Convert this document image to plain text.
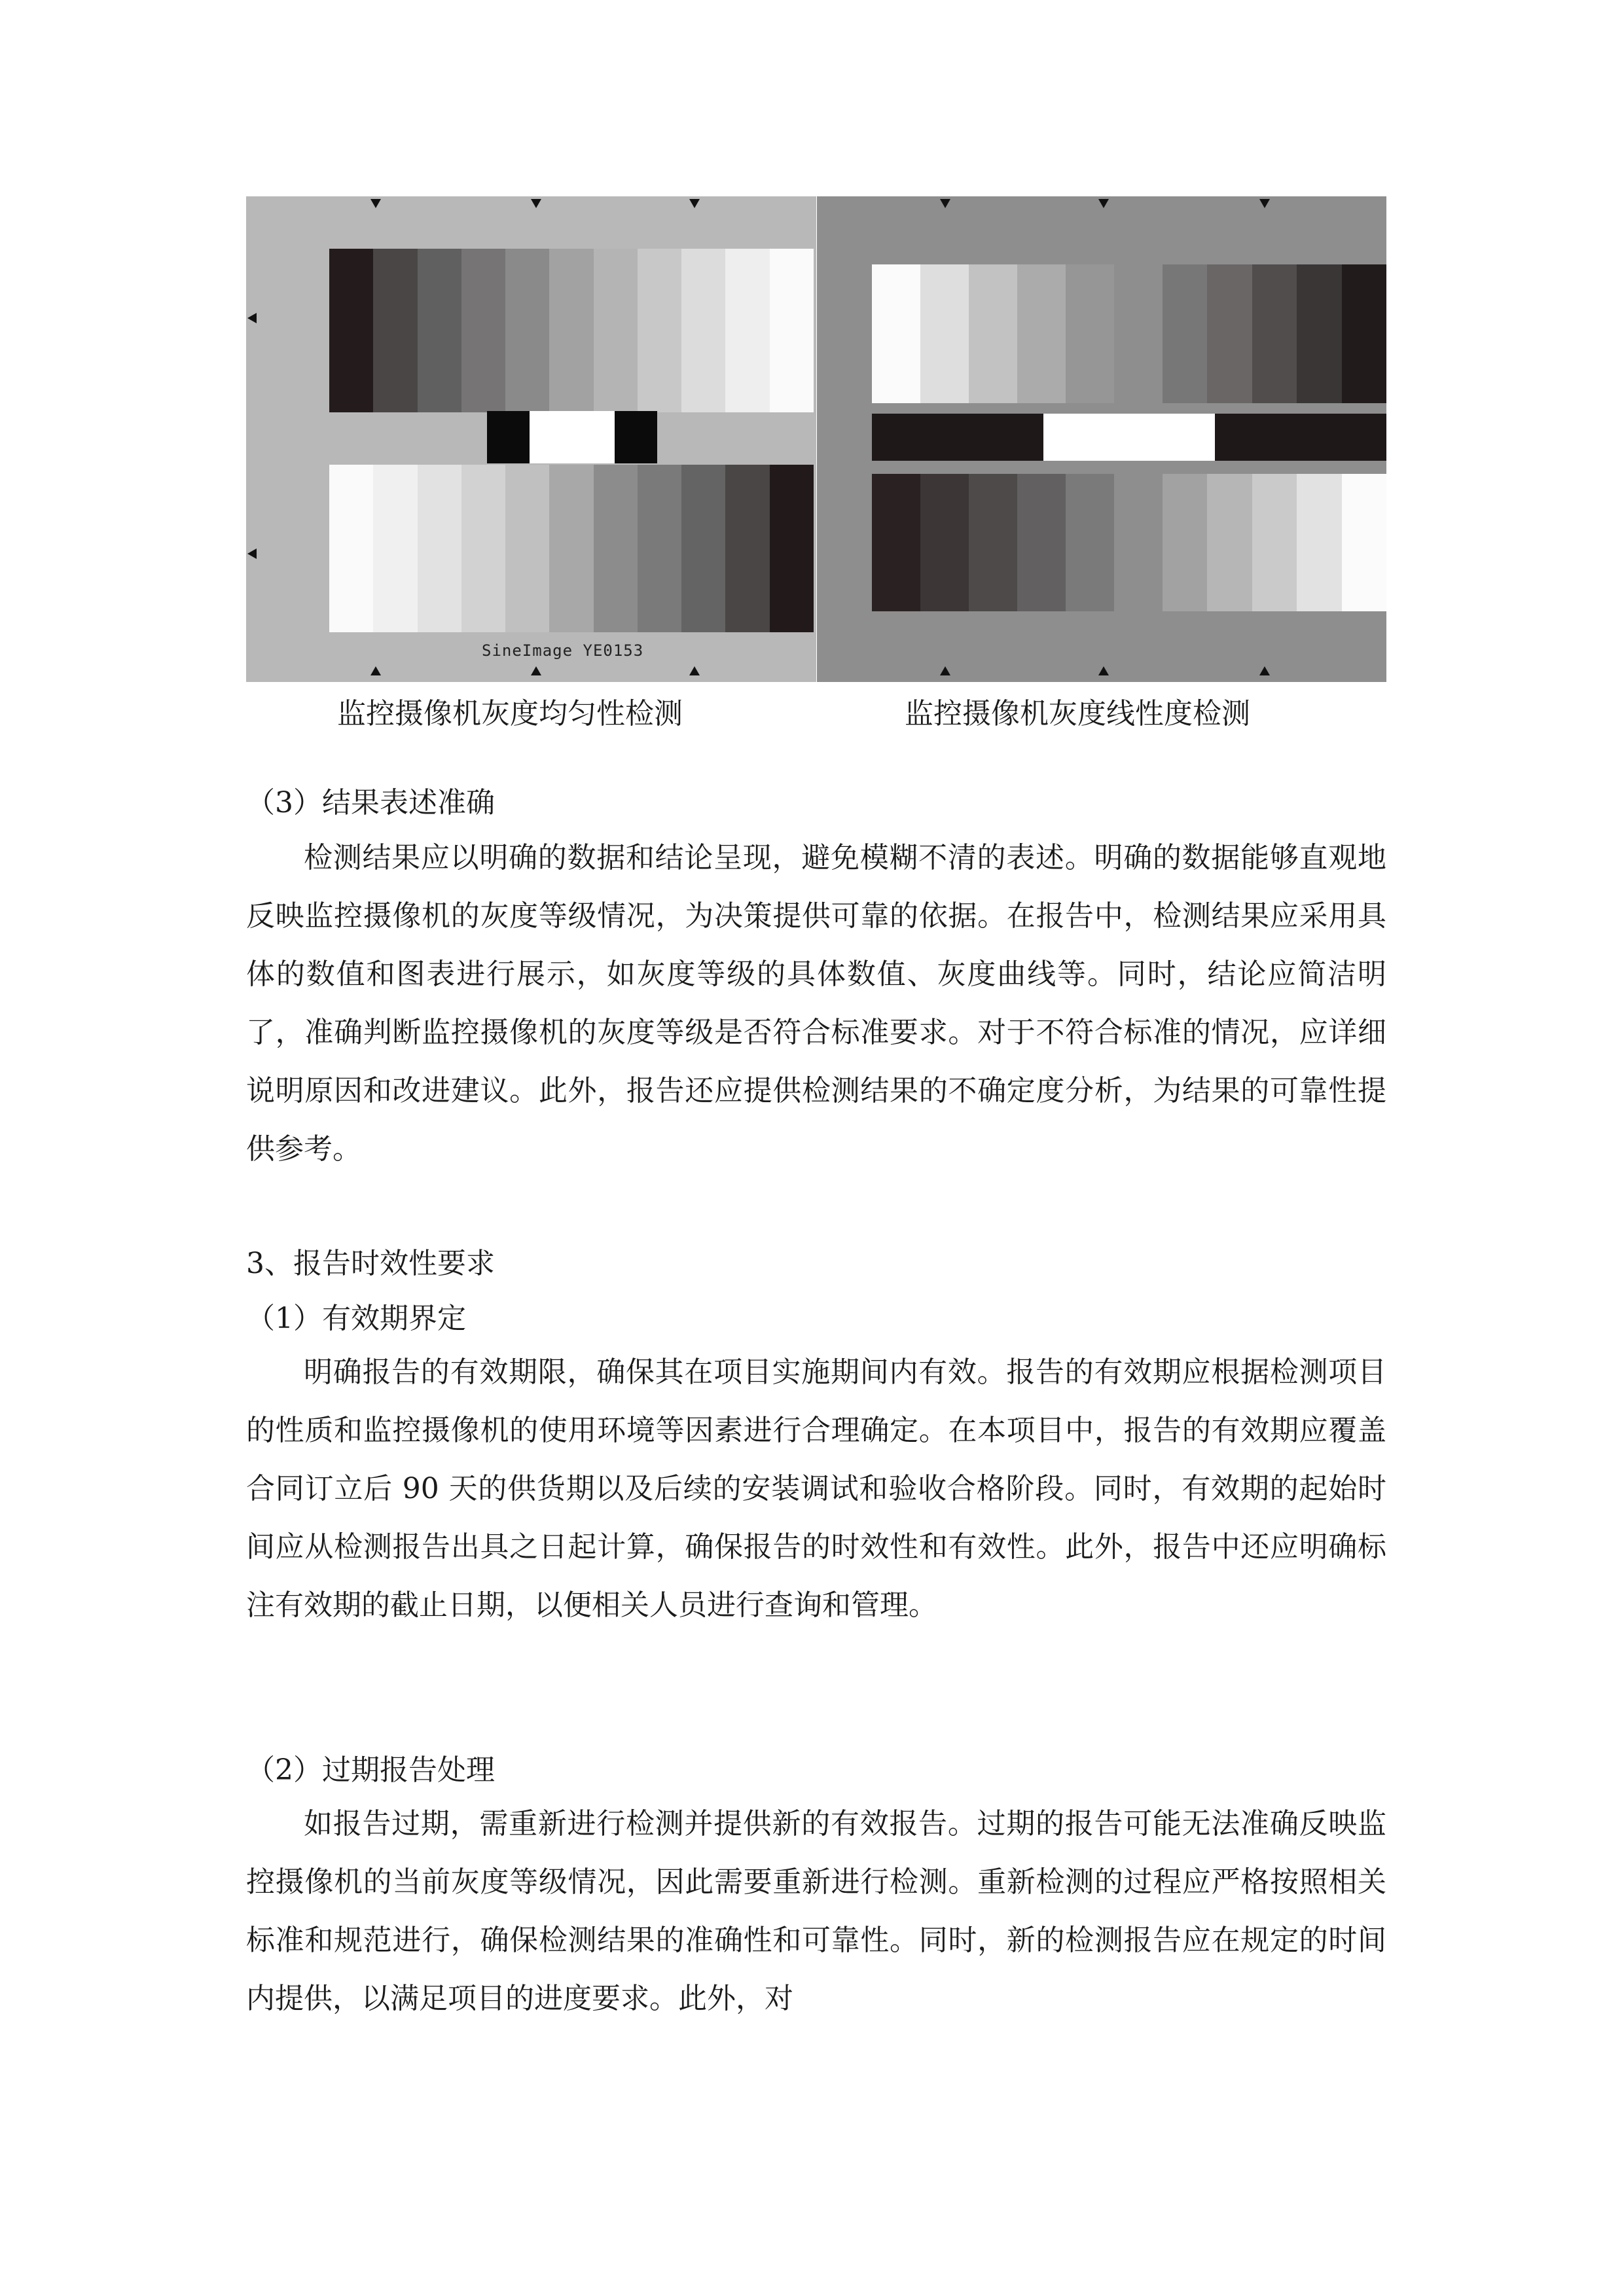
SineImage YE0153
监控摄像机灰度均匀性检测	监控摄像机灰度线性度检测
（3）结果表述准确
检测结果应以明确的数据和结论呈现，避免模糊不清的表述。明确的数据能够直观地反映监控摄像机的灰度等级情况，为决策提供可靠的依据。在报告中，检测结果应采用具体的数值和图表进行展示，如灰度等级的具体数值、灰度曲线等。同时，结论应简洁明了，准确判断监控摄像机的灰度等级是否符合标准要求。对于不符合标准的情况，应详细说明原因和改进建议。此外，报告还应提供检测结果的不确定度分析，为结果的可靠性提供参考。
3、报告时效性要求
（1）有效期界定
明确报告的有效期限，确保其在项目实施期间内有效。报告的有效期应根据检测项目的性质和监控摄像机的使用环境等因素进行合理确定。在本项目中，报告的有效期应覆盖合同订立后 90 天的供货期以及后续的安装调试和验收合格阶段。同时，有效期的起始时间应从检测报告出具之日起计算，确保报告的时效性和有效性。此外，报告中还应明确标注有效期的截止日期，以便相关人员进行查询和管理。
（2）过期报告处理
如报告过期，需重新进行检测并提供新的有效报告。过期的报告可能无法准确反映监控摄像机的当前灰度等级情况，因此需要重新进行检测。重新检测的过程应严格按照相关标准和规范进行，确保检测结果的准确性和可靠性。同时，新的检测报告应在规定的时间内提供，以满足项目的进度要求。此外，对
